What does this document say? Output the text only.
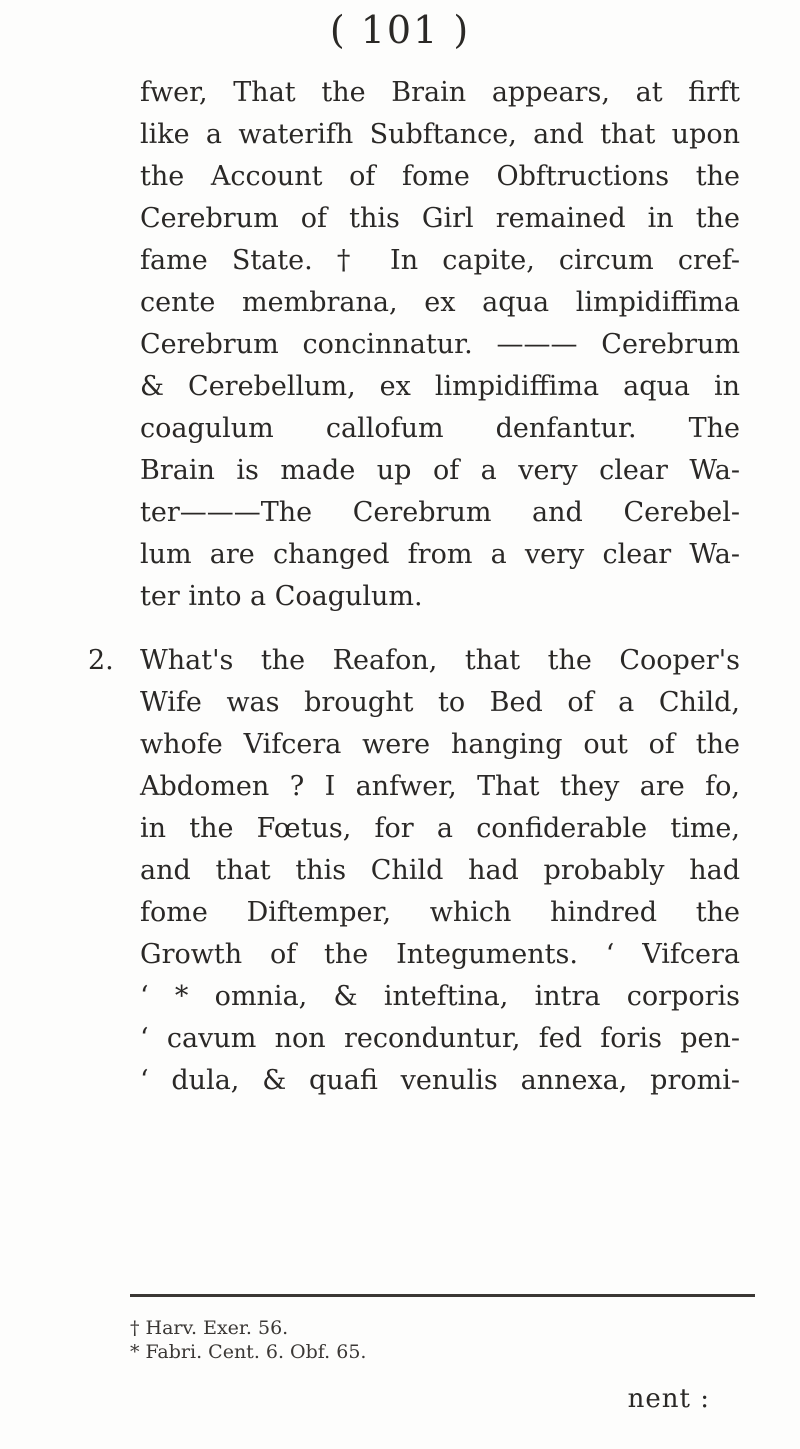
( 101 )
fwer, That the Brain appears, at firft
like a waterifh Subftance, and that upon
the Account of fome Obftructions the
Cerebrum of this Girl remained in the
fame State. † In capite, circum cref-
cente membrana, ex aqua limpidiffima
Cerebrum concinnatur. ——— Cerebrum
& Cerebellum, ex limpidiffima aqua in
coagulum callofum denfantur. The
Brain is made up of a very clear Wa-
ter———The Cerebrum and Cerebel-
lum are changed from a very clear Wa-
ter into a Coagulum.
2. What's the Reafon, that the Cooper's
Wife was brought to Bed of a Child,
whofe Vifcera were hanging out of the
Abdomen ? I anfwer, That they are fo,
in the Fœtus, for a confiderable time,
and that this Child had probably had
fome Diftemper, which hindred the
Growth of the Integuments. ‘ Vifcera
‘ * omnia, & inteftina, intra corporis
‘ cavum non reconduntur, fed foris pen-
‘ dula, & quafi venulis annexa, promi-
† Harv. Exer. 56.
* Fabri. Cent. 6. Obf. 65.
nent :
